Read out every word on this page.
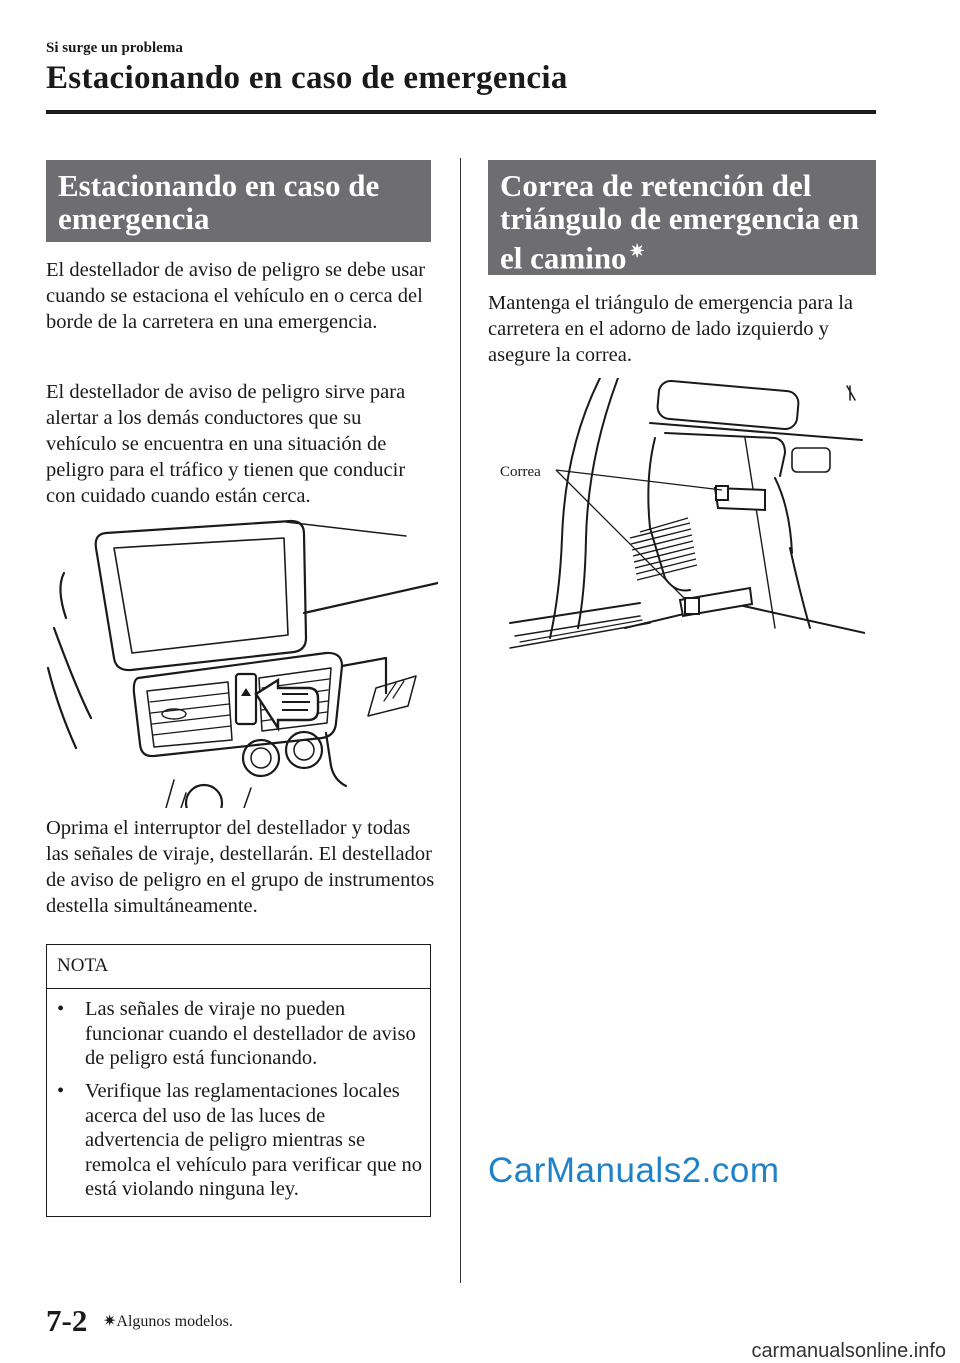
Si surge un problema
Estacionando en caso de emergencia
Estacionando en caso de emergencia
El destellador de aviso de peligro se debe usar cuando se estaciona el vehículo en o cerca del borde de la carretera en una emergencia.
El destellador de aviso de peligro sirve para alertar a los demás conductores que su vehículo se encuentra en una situación de peligro para el tráfico y tienen que conducir con cuidado cuando están cerca.
Oprima el interruptor del destellador y todas las señales de viraje, destellarán. El destellador de aviso de peligro en el grupo de instrumentos destella simultáneamente.
NOTA
•	Las señales de viraje no pueden funcionar cuando el destellador de aviso de peligro está funcionando.
•	Verifique las reglamentaciones locales acerca del uso de las luces de advertencia de peligro mientras se remolca el vehículo para verificar que no está violando ninguna ley.
Correa de retención del triángulo de emergencia en el camino ✷
Mantenga el triángulo de emergencia para la carretera en el adorno de lado izquierdo y asegure la correa.
Correa
CarManuals2.com
7-2 ✷Algunos modelos.
carmanualsonline.info
